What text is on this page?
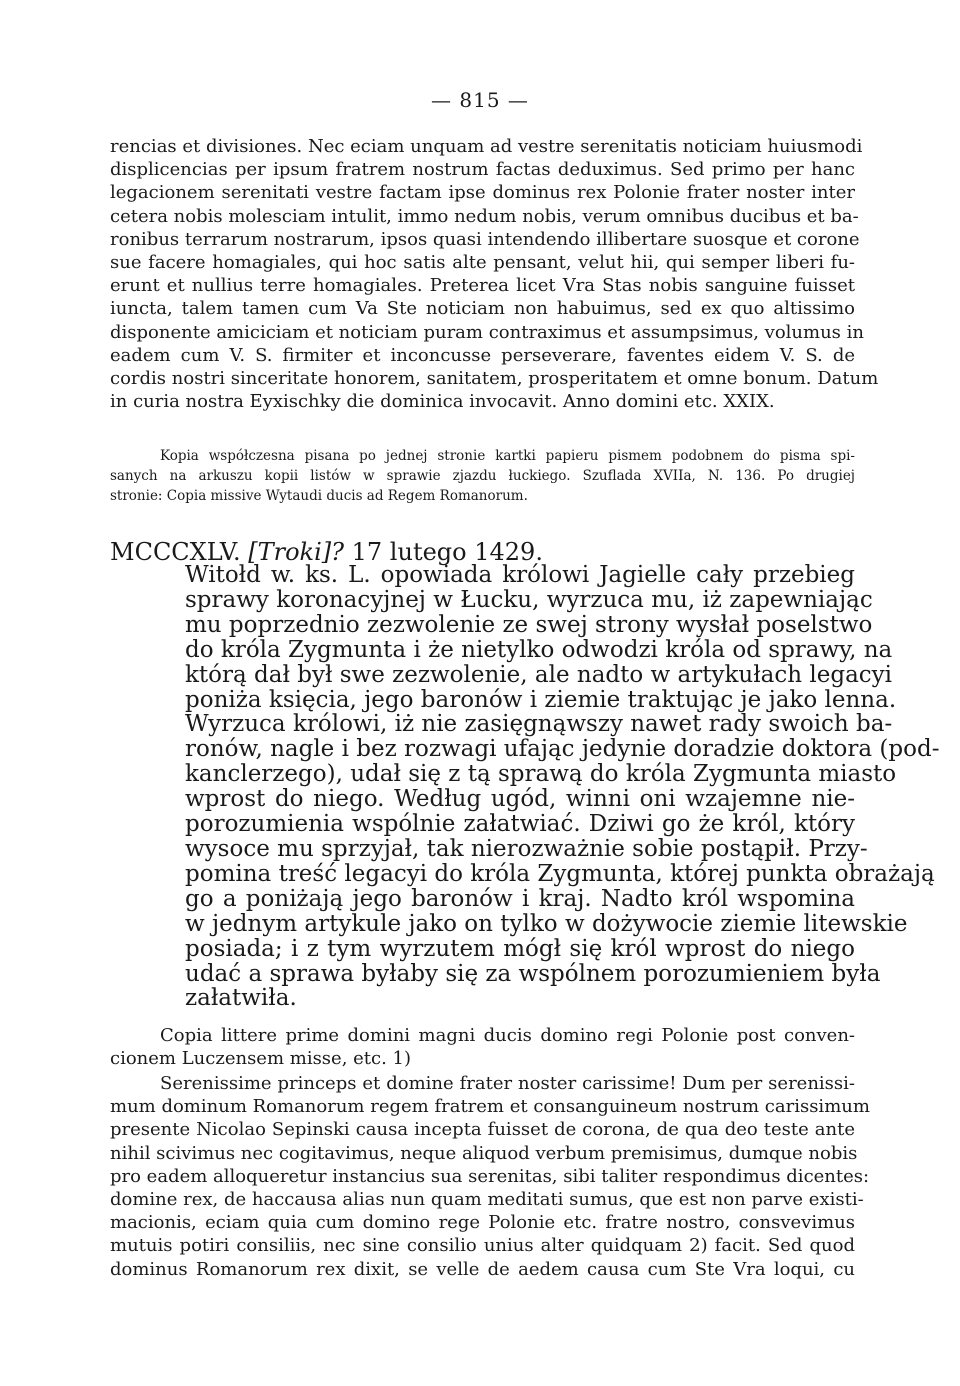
— 815 —
rencias et divisiones. Nec eciam unquam ad vestre serenitatis noticiam huiusmodi
displicencias per ipsum fratrem nostrum factas deduximus. Sed primo per hanc
legacionem serenitati vestre factam ipse dominus rex Polonie frater noster inter
cetera nobis molesciam intulit, immo nedum nobis, verum omnibus ducibus et ba-
ronibus terrarum nostrarum, ipsos quasi intendendo illibertare suosque et corone
sue facere homagiales, qui hoc satis alte pensant, velut hii, qui semper liberi fu-
erunt et nullius terre homagiales. Preterea licet Vra Stas nobis sanguine fuisset
iuncta, talem tamen cum Va Ste noticiam non habuimus, sed ex quo altissimo
disponente amiciciam et noticiam puram contraximus et assumpsimus, volumus in
eadem cum V. S. firmiter et inconcusse perseverare, faventes eidem V. S. de
cordis nostri sinceritate honorem, sanitatem, prosperitatem et omne bonum. Datum
in curia nostra Eyxischky die dominica invocavit. Anno domini etc. XXIX.
Kopia współczesna pisana po jednej stronie kartki papieru pismem podobnem do pisma spi-
sanych na arkuszu kopii listów w sprawie zjazdu łuckiego. Szuflada XVIIa, N. 136. Po drugiej
stronie: Copia missive Wytaudi ducis ad Regem Romanorum.
MCCCXLV. [Troki]? 17 lutego 1429.
Witołd w. ks. L. opowiada królowi Jagielle cały przebieg
sprawy koronacyjnej w Łucku, wyrzuca mu, iż zapewniając
mu poprzednio zezwolenie ze swej strony wysłał poselstwo
do króla Zygmunta i że nietylko odwodzi króla od sprawy, na
którą dał był swe zezwolenie, ale nadto w artykułach legacyi
poniża księcia, jego baronów i ziemie traktując je jako lenna.
Wyrzuca królowi, iż nie zasięgnąwszy nawet rady swoich ba-
ronów, nagle i bez rozwagi ufając jedynie doradzie doktora (pod-
kanclerzego), udał się z tą sprawą do króla Zygmunta miasto
wprost do niego. Według ugód, winni oni wzajemne nie-
porozumienia wspólnie załatwiać. Dziwi go że król, który
wysoce mu sprzyjał, tak nierozważnie sobie postąpił. Przy-
pomina treść legacyi do króla Zygmunta, której punkta obrażają
go a poniżają jego baronów i kraj. Nadto król wspomina
w jednym artykule jako on tylko w dożywocie ziemie litewskie
posiada; i z tym wyrzutem mógł się król wprost do niego
udać a sprawa byłaby się za wspólnem porozumieniem była
załatwiła.
Copia littere prime domini magni ducis domino regi Polonie post conven-
cionem Luczensem misse, etc. 1)
Serenissime princeps et domine frater noster carissime! Dum per serenissi-
mum dominum Romanorum regem fratrem et consanguineum nostrum carissimum
presente Nicolao Sepinski causa incepta fuisset de corona, de qua deo teste ante
nihil scivimus nec cogitavimus, neque aliquod verbum premisimus, dumque nobis
pro eadem alloqueretur instancius sua serenitas, sibi taliter respondimus dicentes:
domine rex, de haccausa alias nun quam meditati sumus, que est non parve existi-
macionis, eciam quia cum domino rege Polonie etc. fratre nostro, consvevimus
mutuis potiri consiliis, nec sine consilio unius alter quidquam 2) facit. Sed quod
dominus Romanorum rex dixit, se velle de aedem causa cum Ste Vra loqui, cu
